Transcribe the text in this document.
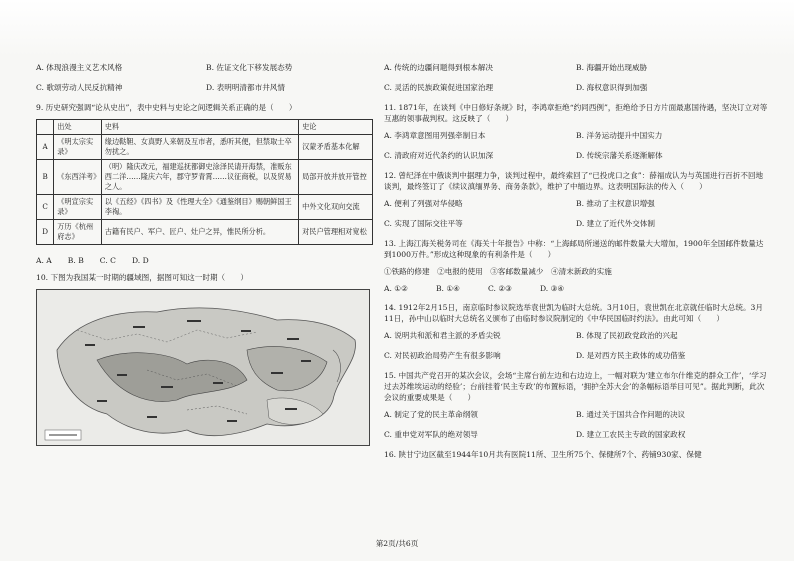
A. 体现浪漫主义艺术风格	B. 佐证文化下移发展态势
C. 歌颂劳动人民反抗精神	D. 表明明清都市井风情
9. 历史研究强调“论从史出”，表中史料与史论之间逻辑关系正确的是（　　）
	出处	史料	史论
A	《明太宗实录》	缘边鞑靼、女真野人来朝及互市者，悉听其便，但禁取士卒勿扰之。	汉蒙矛盾基本化解
B	《东西洋考》	（明）隆庆改元，福建巡抚都御史涂泽民请开海禁，准贩东西二洋……隆庆六年，郡守罗青霄……议征商税，以及贸易之人。	局部开放并放开管控
C	《明宣宗实录》	以《五经》《四书》及《性理大全》《通鉴纲目》赐朝鲜国王李祹。	中外文化双向交流
D	万历《杭州府志》	古籍有民户、军户、匠户、灶户之异，惟民所分析。	对民户管理相对宽松
A. A B. B C. C D. D
10. 下图为我国某一时期的疆域图，据图可知这一时期（　　）
A. 传统的边疆问题得到根本解决	B. 海疆开始出现威胁
C. 灵活的民族政策促进国家治理	D. 海权意识得到加强
11. 1871年，在谈判《中日修好条规》时，李鸿章拒绝“约同西例”，拒绝给予日方片面最惠国待遇，坚决订立对等互惠的领事裁判权。这反映了（　　）
A. 李鸿章意图用列强牵制日本	B. 洋务运动提升中国实力
C. 清政府对近代条约的认识加深	D. 传统宗藩关系逐渐解体
12. 曾纪泽在中俄谈判中据理力争，谈判过程中，最终索回了“已投虎口之食”：薛福成认为与英国进行百折不回地谈判，最终签订了《续议滇缅界务、商务条款》，维护了中缅边界。这表明国际法的传入（　　）
A. 便利了列强对华侵略	B. 推动了主权意识增强
C. 实现了国际交往平等	D. 建立了近代外交体制
13. 上海江海关税务司在《海关十年报告》中称：“上海邮局所递送的邮件数量大大增加，1900年全国邮件数量达到1000万件。”形成这种现象的有利条件是（　　）
①铁路的修建　②电报的使用　③客邮数量减少　④清末新政的实施
A. ①②	B. ①④	C. ②③	D. ③④
14. 1912年2月15日，南京临时参议院选举袁世凯为临时大总统。3月10日，袁世凯在北京就任临时大总统。3月11日，孙中山以临时大总统名义颁布了由临时参议院制定的《中华民国临时约法》。由此可知（　　）
A. 说明共和派和君主派的矛盾尖锐	B. 体现了民初政党政治的兴起
C. 对民初政治局势产生有很多影响	D. 是对西方民主政体的成功借鉴
15. 中国共产党召开的某次会议，会场“主席台前左边和右边边上，一幅对联为‘建立布尔什维克的群众工作’，‘学习过去苏维埃运动的经验’；台前挂着‘民主专政’的布置标语，‘拥护全苏大会’的条幅标语举目可见”。据此判断，此次会议的重要成果是（　　）
A. 制定了党的民主革命纲领	B. 通过关于国共合作问题的决议
C. 重申党对军队的绝对领导	D. 建立工农民主专政的国家政权
16. 陕甘宁边区截至1944年10月共有医院11所、卫生所75个、保健所7个、药铺930家、保健
第2页/共6页
